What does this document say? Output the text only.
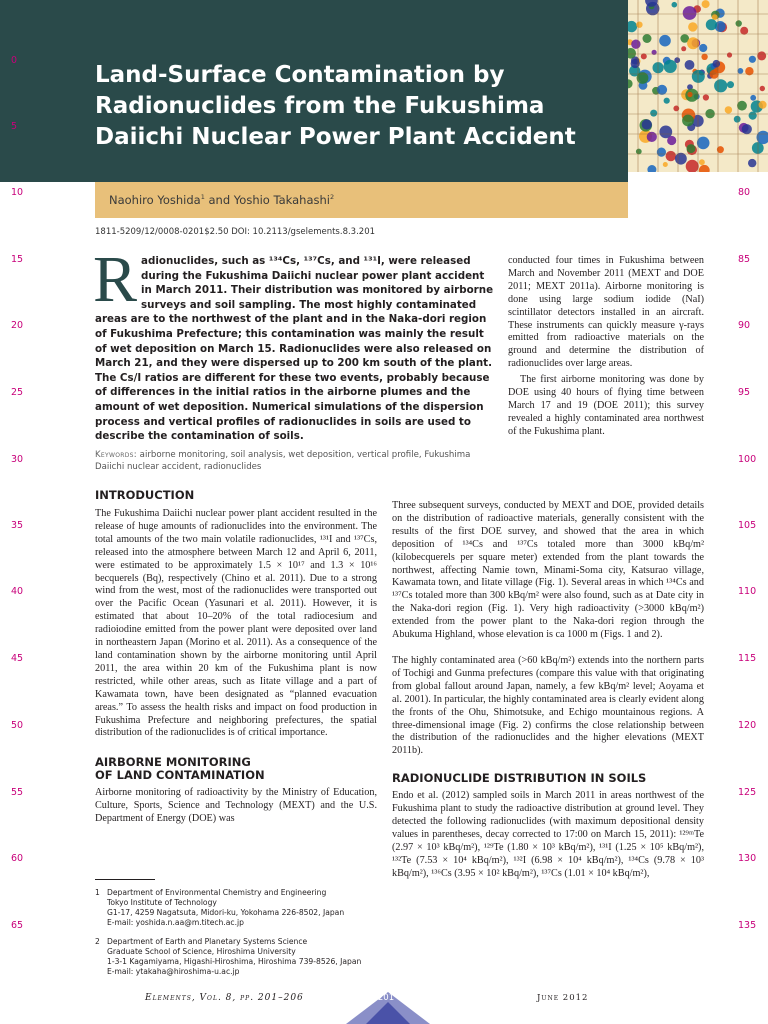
Land-Surface Contamination by
Radionuclides from the Fukushima
Daiichi Nuclear Power Plant Accident
Naohiro Yoshida$^1$ and Yoshio Takahashi$^2$
1811-5209/12/0008-0201$2.50 DOI: 10.2113/gselements.8.3.201
0
5
10
15
20
25
30
35
40
45
50
55
60
65
80
85
90
95
100
105
110
115
120
125
130
135

Radionuclides, such as ¹³⁴Cs, ¹³⁷Cs, and ¹³¹I, were released during the Fukushima Daiichi nuclear power plant accident in March 2011. Their distribution was monitored by airborne surveys and soil sampling. The most highly contaminated areas are to the northwest of the plant and in the Naka-dori region of Fukushima Prefecture; this contamination was mainly the result of wet deposition on March 15. Radionuclides were also released on March 21, and they were dispersed up to 200 km south of the plant. The Cs/I ratios are different for these two events, probably because of differences in the initial ratios in the airborne plumes and the amount of wet deposition. Numerical simulations of the dispersion process and vertical profiles of radionuclides in soils are used to describe the contamination of soils.

Keywords: airborne monitoring, soil analysis, wet deposition, vertical profile, Fukushima Daiichi nuclear accident, radionuclides

conducted four times in Fukushima between March and November 2011 (MEXT and DOE 2011; MEXT 2011a). Airborne monitoring is done using large sodium iodide (NaI) scintillator detectors installed in an aircraft. These instruments can quickly measure γ-rays emitted from radioactive materials on the ground and determine the distribution of radionuclides over large areas.

The first airborne monitoring was done by DOE using 40 hours of flying time between March 17 and 19 (DOE 2011); this survey revealed a highly contaminated area northwest of the Fukushima plant.

INTRODUCTION

The Fukushima Daiichi nuclear power plant accident resulted in the release of huge amounts of radionuclides into the environment. The total amounts of the two main volatile radionuclides, ¹³¹I and ¹³⁷Cs, released into the atmosphere between March 12 and April 6, 2011, were estimated to be approximately 1.5 × 10¹⁷ and 1.3 × 10¹⁶ becquerels (Bq), respectively (Chino et al. 2011). Due to a strong wind from the west, most of the radionuclides were transported out over the Pacific Ocean (Yasunari et al. 2011). However, it is estimated that about 10–20% of the total radiocesium and radioiodine emitted from the power plant were deposited over land in northeastern Japan (Morino et al. 2011). As a consequence of the land contamination shown by the airborne monitoring until April 2011, the area within 20 km of the Fukushima plant is now restricted, while other areas, such as Iitate village and a part of Kawamata town, have been designated as “planned evacuation areas.” To assess the health risks and impact on food production in Fukushima Prefecture and neighboring prefectures, the spatial distribution of the radionuclides is of critical importance.

AIRBORNE MONITORING
OF LAND CONTAMINATION

Airborne monitoring of radioactivity by the Ministry of Education, Culture, Sports, Science and Technology (MEXT) and the U.S. Department of Energy (DOE) was

Three subsequent surveys, conducted by MEXT and DOE, provided details on the distribution of radioactive materials, generally consistent with the results of the first DOE survey, and showed that the area in which deposition of ¹³⁴Cs and ¹³⁷Cs totaled more than 3000 kBq/m² (kilobecquerels per square meter) extended from the plant towards the northwest, affecting Namie town, Minami-Soma city, Katsurao village, Kawamata town, and Iitate village (Fig. 1). Several areas in which ¹³⁴Cs and ¹³⁷Cs totaled more than 300 kBq/m² were also found, such as at Date city in the Naka-dori region (Fig. 1). Very high radioactivity (>3000 kBq/m²) extended from the power plant to the Naka-dori region through the Abukuma Highland, whose elevation is ca 1000 m (Figs. 1 and 2).

The highly contaminated area (>60 kBq/m²) extends into the northern parts of Tochigi and Gunma prefectures (compare this value with that originating from global fallout around Japan, namely, a few kBq/m² level; Aoyama et al. 2001). In particular, the highly contaminated area is clearly evident along the fronts of the Ohu, Shimotsuke, and Echigo mountainous regions. A three-dimensional image (Fig. 2) confirms the close relationship between the distribution of the radionuclides and the higher elevations (MEXT 2011b).

RADIONUCLIDE DISTRIBUTION IN SOILS

Endo et al. (2012) sampled soils in March 2011 in areas northwest of the Fukushima plant to study the radioactive distribution at ground level. They detected the following radionuclides (with maximum depositional density values in parentheses, decay corrected to 17:00 on March 15, 2011): ¹²⁹ᵐTe (2.97 × 10³ kBq/m²), ¹²⁹Te (1.80 × 10³ kBq/m²), ¹³¹I (1.25 × 10⁵ kBq/m²), ¹³²Te (7.53 × 10⁴ kBq/m²), ¹³²I (6.98 × 10⁴ kBq/m²), ¹³⁴Cs (9.78 × 10³ kBq/m²), ¹³⁶Cs (3.95 × 10² kBq/m²), ¹³⁷Cs (1.01 × 10⁴ kBq/m²),

1 Department of Environmental Chemistry and Engineering
Tokyo Institute of Technology
G1-17, 4259 Nagatsuta, Midori-ku, Yokohama 226-8502, Japan
E-mail: yoshida.n.aa@m.titech.ac.jp
2 Department of Earth and Planetary Systems Science
Graduate School of Science, Hiroshima University
1-3-1 Kagamiyama, Higashi-Hiroshima, Hiroshima 739-8526, Japan
E-mail: ytakaha@hiroshima-u.ac.jp
Elements, Vol. 8, pp. 201–206	201	June 2012
